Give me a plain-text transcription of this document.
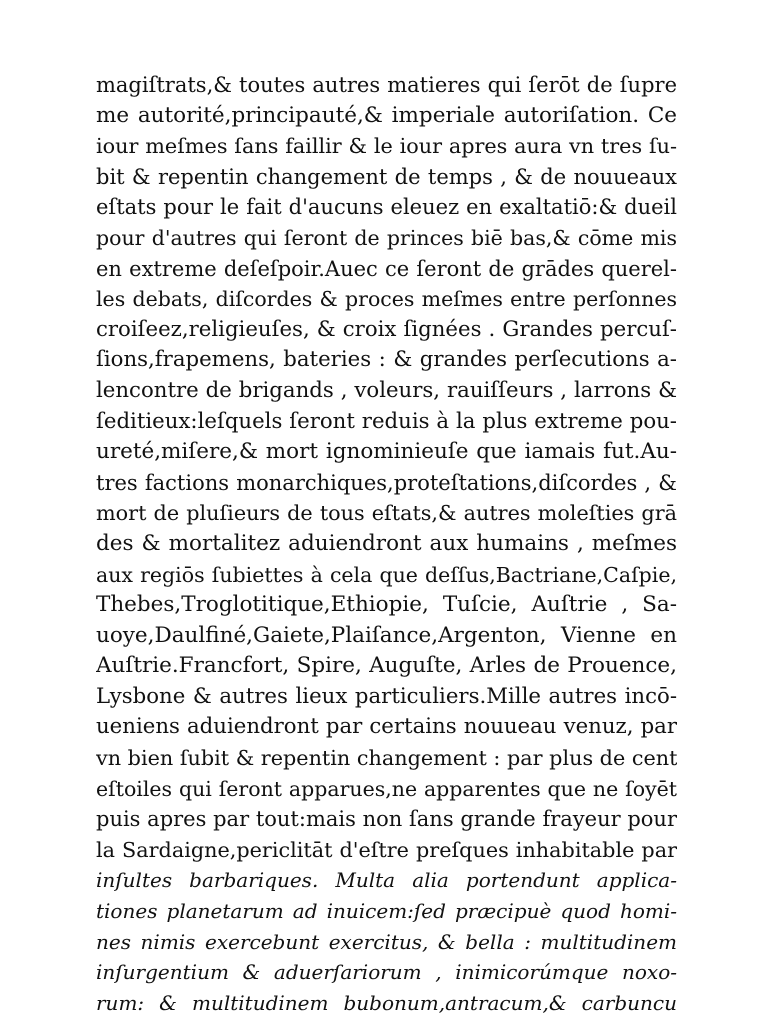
magiſtrats,& toutes autres matieres qui ſerōt de ſupre
me autorité,principauté,& imperiale autoriſation. Ce
iour meſmes ſans faillir & le iour apres aura vn tres ſu-
bit & repentin changement de temps , & de nouueaux
eſtats pour le fait d'aucuns eleuez en exaltatiō:& dueil
pour d'autres qui ſeront de princes biē bas,& cōme mis
en extreme deſeſpoir.Auec ce ſeront de grādes querel-
les debats, diſcordes & proces meſmes entre perſonnes
croiſeez,religieuſes, & croix ſignées . Grandes percuſ-
ſions,frapemens, bateries : & grandes perſecutions a-
lencontre de brigands , voleurs, rauiſſeurs , larrons &
ſeditieux:leſquels ſeront reduis à la plus extreme pou-
ureté,miſere,& mort ignominieuſe que iamais fut.Au-
tres factions monarchiques,proteſtations,diſcordes , &
mort de pluſieurs de tous eſtats,& autres moleſties grā
des & mortalitez aduiendront aux humains , meſmes
aux regiōs ſubiettes à cela que deſſus,Bactriane,Caſpie,
Thebes,Troglotitique,Ethiopie, Tuſcie, Auſtrie , Sa-
uoye,Daulfiné,Gaiete,Plaiſance,Argenton, Vienne en
Auſtrie.Francfort, Spire, Auguſte, Arles de Prouence,
Lysbone & autres lieux particuliers.Mille autres incō-
ueniens aduiendront par certains nouueau venuz, par
vn bien ſubit & repentin changement : par plus de cent
eſtoiles qui ſeront apparues,ne apparentes que ne ſoyēt
puis apres par tout:mais non ſans grande frayeur pour
la Sardaigne,periclitāt d'eſtre preſques inhabitable par
inſultes barbariques. Multa alia portendunt applica-
tiones planetarum ad inuicem:ſed præcipuè quod homi-
nes nimis exercebunt exercitus, & bella : multitudinem
inſurgentium & aduerſariorum , inimicorúmque noxo-
rum: & multitudinem bubonum,antracum,& carbuncu
